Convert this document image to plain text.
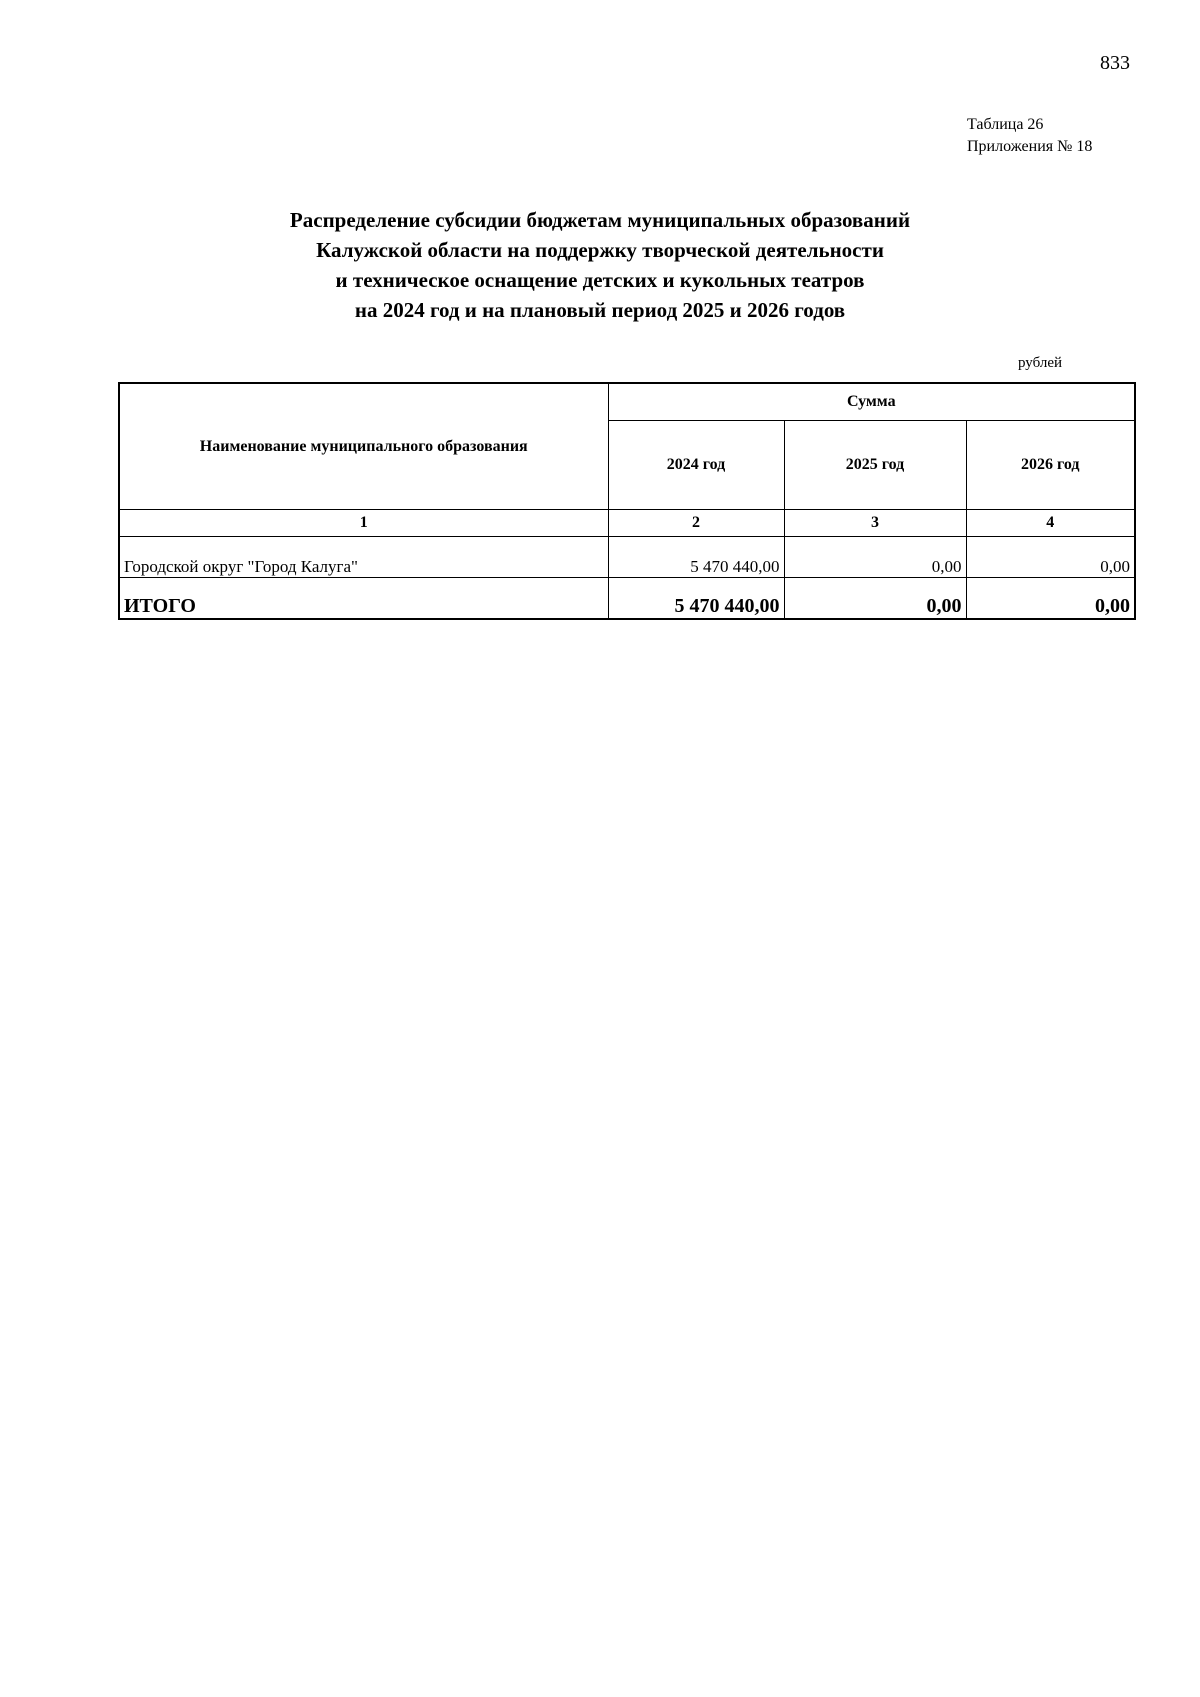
833
Таблица 26
Приложения № 18
Распределение субсидии бюджетам муниципальных образований
Калужской области на поддержку творческой деятельности
и техническое оснащение детских и кукольных театров
на 2024 год и на плановый период 2025 и 2026 годов
рублей
Наименование муниципального образования	Сумма		
	2024 год	2025 год	2026 год
1	2	3	4
Городской округ "Город Калуга"	5 470 440,00	0,00	0,00
ИТОГО	5 470 440,00	0,00	0,00
